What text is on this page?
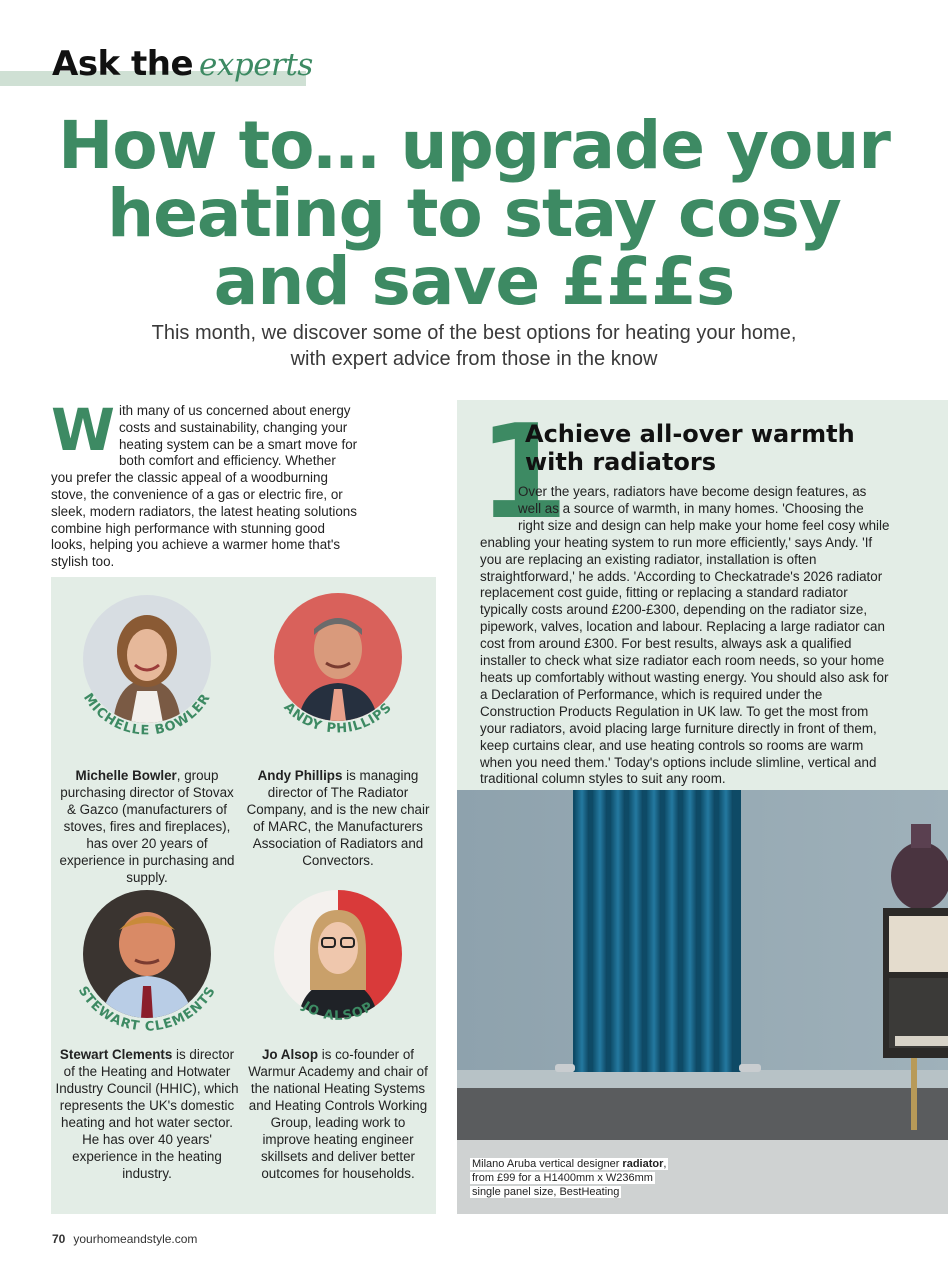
Ask the experts
How to… upgrade your heating to stay cosy and save £££s
This month, we discover some of the best options for heating your home,
with expert advice from those in the know
With many of us concerned about energy costs and sustainability, changing your heating system can be a smart move for both comfort and efficiency. Whether you prefer the classic appeal of a woodburning stove, the convenience of a gas or electric fire, or sleek, modern radiators, the latest heating solutions combine high performance with stunning good looks, helping you achieve a warmer home that's stylish too.
MICHELLE BOWLER
Michelle Bowler, group purchasing director of Stovax & Gazco (manufacturers of stoves, fires and fireplaces), has over 20 years of experience in purchasing and supply.
ANDY PHILLIPS
Andy Phillips is managing director of The Radiator Company, and is the new chair of MARC, the Manufacturers Association of Radiators and Convectors.
STEWART CLEMENTS
Stewart Clements is director of the Heating and Hotwater Industry Council (HHIC), which represents the UK's domestic heating and hot water sector. He has over 40 years' experience in the heating industry.
JO ALSOP
Jo Alsop is co-founder of Warmur Academy and chair of the national Heating Systems and Heating Controls Working Group, leading work to improve heating engineer skillsets and deliver better outcomes for households.
1
Achieve all-over warmth with radiators
Over the years, radiators have become design features, as well as a source of warmth, in many homes. 'Choosing the right size and design can help make your home feel cosy while enabling your heating system to run more efficiently,' says Andy. 'If you are replacing an existing radiator, installation is often straightforward,' he adds. 'According to Checkatrade's 2026 radiator replacement cost guide, fitting or replacing a standard radiator typically costs around £200-£300, depending on the radiator size, pipework, valves, location and labour. Replacing a large radiator can cost from around £300. For best results, always ask a qualified installer to check what size radiator each room needs, so your home heats up comfortably without wasting energy. You should also ask for a Declaration of Performance, which is required under the Construction Products Regulation in UK law. To get the most from your radiators, avoid placing large furniture directly in front of them, keep curtains clear, and use heating controls so rooms are warm when you need them.' Today's options include slimline, vertical and traditional column styles to suit any room.
Milano Aruba vertical designer radiator,
from £99 for a H1400mm x W236mm
single panel size, BestHeating
70 yourhomeandstyle.com
